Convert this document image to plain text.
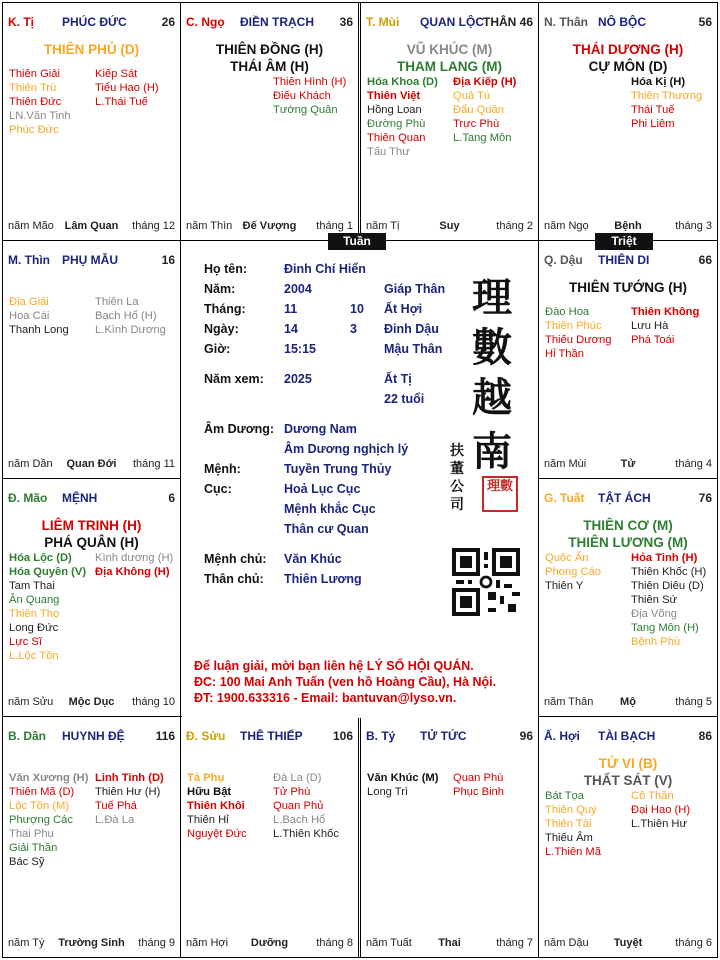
K. Tị PHÚC ĐỨC	26
THIÊN PHỦ (D)
Thiên Giải
Thiên Trù
Thiên Đức
LN.Văn Tinh
Phúc Đức
Kiếp Sát
Tiểu Hao (H)
L.Thái Tuế
năm Mão Lâm Quan	tháng 12
C. Ngọ ĐIỀN TRẠCH 36
THIÊN ĐỒNG (H)
THÁI ÂM (H)
Thiên Hình (H)
Điếu Khách
Tướng Quân
năm Thìn Đế Vượng	tháng 1
T. Mùi QUAN LỘC
THÂN 46
VŨ KHÚC (M)
THAM LANG (M)
Hóa Khoa (D)
Thiên Việt
Hồng Loan
Đường Phù
Thiên Quan
Tấu Thư
Địa Kiếp (H)
Quả Tú
Đẩu Quân
Trực Phù
L.Tang Môn
năm Tị	Suy	tháng 2
N. Thân NÔ BỘC	56
THÁI DƯƠNG (H)
CỰ MÔN (D)
Hóa Kị (H)
Thiên Thương
Thái Tuế
Phi Liêm
năm Ngọ	Bệnh	tháng 3
M. Thìn PHỤ MẪU	16
Địa Giải
Hoa Cái
Thanh Long
Thiên La
Bạch Hổ (H)
L.Kình Dương
năm Dần	Quan Đới	tháng 11
Q. Dậu THIÊN DI	66
THIÊN TƯỚNG (H)
Đào Hoa
Thiên Phúc
Thiếu Dương
Hỉ Thần
Thiên Không
Lưu Hà
Phá Toái
năm Mùi	Tử	tháng 4
Đ. Mão MỆNH	6
LIÊM TRINH (H)
PHÁ QUÂN (H)
Hóa Lộc (D)
Hóa Quyền (V)
Tam Thai
Ân Quang
Thiên Thọ
Long Đức
Lực Sĩ
L.Lộc Tồn
Kình dương (H)
Địa Không (H)
năm Sửu	Mộc Dục	tháng 10
G. Tuất TẬT ÁCH	76
THIÊN CƠ (M)
THIÊN LƯƠNG (M)
Quốc Ấn
Phong Cáo
Thiên Y
Hỏa Tinh (H)
Thiên Khốc (H)
Thiên Diêu (D)
Thiên Sứ
Địa Võng
Tang Môn (H)
Bệnh Phù
năm Thân	Mộ	tháng 5
B. Dần HUYNH ĐỆ	116
Văn Xương (H)
Thiên Mã (D)
Lộc Tồn (M)
Phượng Các
Thai Phụ
Giải Thần
Bác Sỹ
Linh Tinh (D)
Thiên Hư (H)
Tuế Phá
L.Đà La
năm Tý	Trường Sinh	tháng 9
Đ. Sửu THÊ THIẾP	106
Tả Phụ
Hữu Bật
Thiên Khôi
Thiên Hỉ
Nguyệt Đức
Đà La (D)
Tử Phù
Quan Phủ
L.Bạch Hổ
L.Thiên Khốc
năm Hợi	Dưỡng	tháng 8
B. Tý TỬ TỨC	96
Văn Khúc (M)
Long Trì
Quan Phù
Phục Binh
năm Tuất	Thai	tháng 7
Ấ. Hợi TÀI BẠCH	86
TỬ VI (B)
THẤT SÁT (V)
Bát Tọa
Thiên Quý
Thiên Tài
Thiếu Âm
L.Thiên Mã
Cô Thần
Đại Hao (H)
L.Thiên Hư
năm Dậu	Tuyệt	tháng 6
Họ tên:	Đinh Chí Hiển
Năm:	2004	Giáp Thân
Tháng:	11	10 Ất Hợi
Ngày:	14	3 Đinh Dậu
Giờ:	15:15	Mậu Thân
Năm xem: 2025	Ất Tị
22 tuổi
Âm Dương: Dương Nam
Âm Dương nghịch lý
Mệnh:	Tuyền Trung Thủy
Cục:	Hoả Lục Cục
Mệnh khắc Cục
Thân cư Quan
Mệnh chủ: Văn Khúc
Thân chủ: Thiên Lương
理
數
越
南
扶董公司
理數
Để luận giải, mời bạn liên hệ LÝ SỐ HỘI QUÁN.
ĐC: 100 Mai Anh Tuấn (ven hồ Hoàng Cầu), Hà Nội.
ĐT: 1900.633316 - Email: bantuvan@lyso.vn.
Tuần	Triệt
